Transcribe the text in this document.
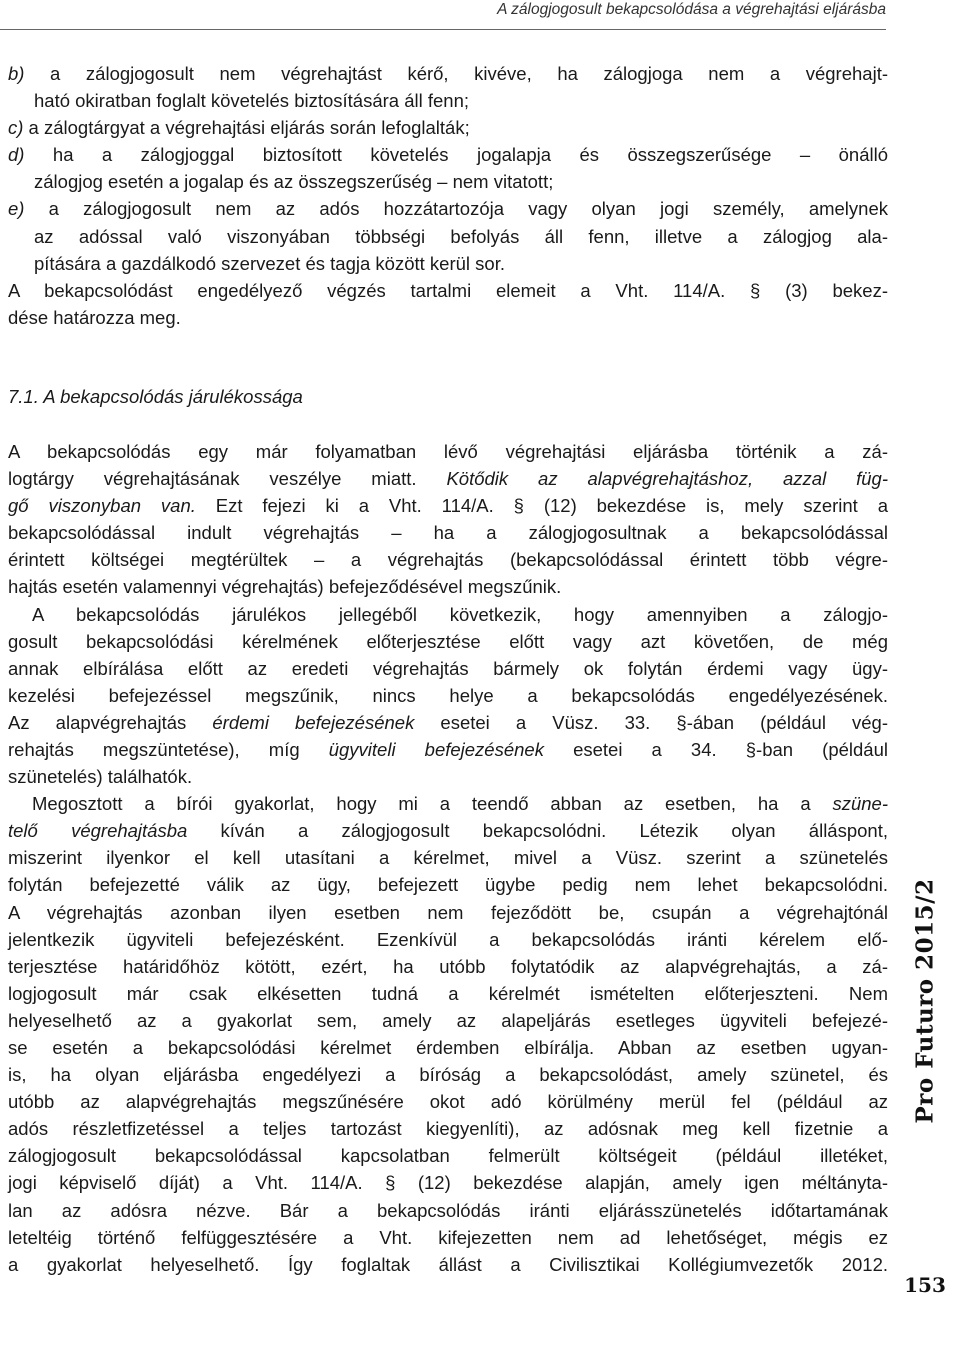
A zálogjogosult bekapcsolódása a végrehajtási eljárásba
b) a zálogjogosult nem végrehajtást kérő, kivéve, ha zálogjoga nem a végrehajt-
ható okiratban foglalt követelés biztosítására áll fenn;
c) a zálogtárgyat a végrehajtási eljárás során lefoglalták;
d) ha a zálogjoggal biztosított követelés jogalapja és összegszerűsége – önálló
zálogjog esetén a jogalap és az összegszerűség – nem vitatott;
e) a zálogjogosult nem az adós hozzátartozója vagy olyan jogi személy, amelynek
az adóssal való viszonyában többségi befolyás áll fenn, illetve a zálogjog ala-
pítására a gazdálkodó szervezet és tagja között kerül sor.
A bekapcsolódást engedélyező végzés tartalmi elemeit a Vht. 114/A. § (3) bekez-
dése határozza meg.
7.1. A bekapcsolódás járulékossága
A bekapcsolódás egy már folyamatban lévő végrehajtási eljárásba történik a zá-
logtárgy végrehajtásának veszélye miatt. Kötődik az alapvégrehajtáshoz, azzal füg-
gő viszonyban van. Ezt fejezi ki a Vht. 114/A. § (12) bekezdése is, mely szerint a
bekapcsolódással indult végrehajtás – ha a zálogjogosultnak a bekapcsolódással
érintett költségei megtérültek – a végrehajtás (bekapcsolódással érintett több végre-
hajtás esetén valamennyi végrehajtás) befejeződésével megszűnik.
A bekapcsolódás járulékos jellegéből következik, hogy amennyiben a zálogjo-
gosult bekapcsolódási kérelmének előterjesztése előtt vagy azt követően, de még
annak elbírálása előtt az eredeti végrehajtás bármely ok folytán érdemi vagy ügy-
kezelési befejezéssel megszűnik, nincs helye a bekapcsolódás engedélyezésének.
Az alapvégrehajtás érdemi befejezésének esetei a Vüsz. 33. §-ában (például vég-
rehajtás megszüntetése), míg ügyviteli befejezésének esetei a 34. §-ban (például
szünetelés) találhatók.
Megosztott a bírói gyakorlat, hogy mi a teendő abban az esetben, ha a szüne-
telő végrehajtásba kíván a zálogjogosult bekapcsolódni. Létezik olyan álláspont,
miszerint ilyenkor el kell utasítani a kérelmet, mivel a Vüsz. szerint a szünetelés
folytán befejezetté válik az ügy, befejezett ügybe pedig nem lehet bekapcsolódni.
A végrehajtás azonban ilyen esetben nem fejeződött be, csupán a végrehajtónál
jelentkezik ügyviteli befejezésként. Ezenkívül a bekapcsolódás iránti kérelem elő-
terjesztése határidőhöz kötött, ezért, ha utóbb folytatódik az alapvégrehajtás, a zá-
logjogosult már csak elkésetten tudná a kérelmét ismételten előterjeszteni. Nem
helyeselhető az a gyakorlat sem, amely az alapeljárás esetleges ügyviteli befejezé-
se esetén a bekapcsolódási kérelmet érdemben elbírálja. Abban az esetben ugyan-
is, ha olyan eljárásba engedélyezi a bíróság a bekapcsolódást, amely szünetel, és
utóbb az alapvégrehajtás megszűnésére okot adó körülmény merül fel (például az
adós részletfizetéssel a teljes tartozást kiegyenlíti), az adósnak meg kell fizetnie a
zálogjogosult bekapcsolódással kapcsolatban felmerült költségeit (például illetéket,
jogi képviselő díját) a Vht. 114/A. § (12) bekezdése alapján, amely igen méltányta-
lan az adósra nézve. Bár a bekapcsolódás iránti eljárásszünetelés időtartamának
leteltéig történő felfüggesztésére a Vht. kifejezetten nem ad lehetőséget, mégis ez
a gyakorlat helyeselhető. Így foglaltak állást a Civilisztikai Kollégiumvezetők 2012.
Pro Futuro 2015/2
153
